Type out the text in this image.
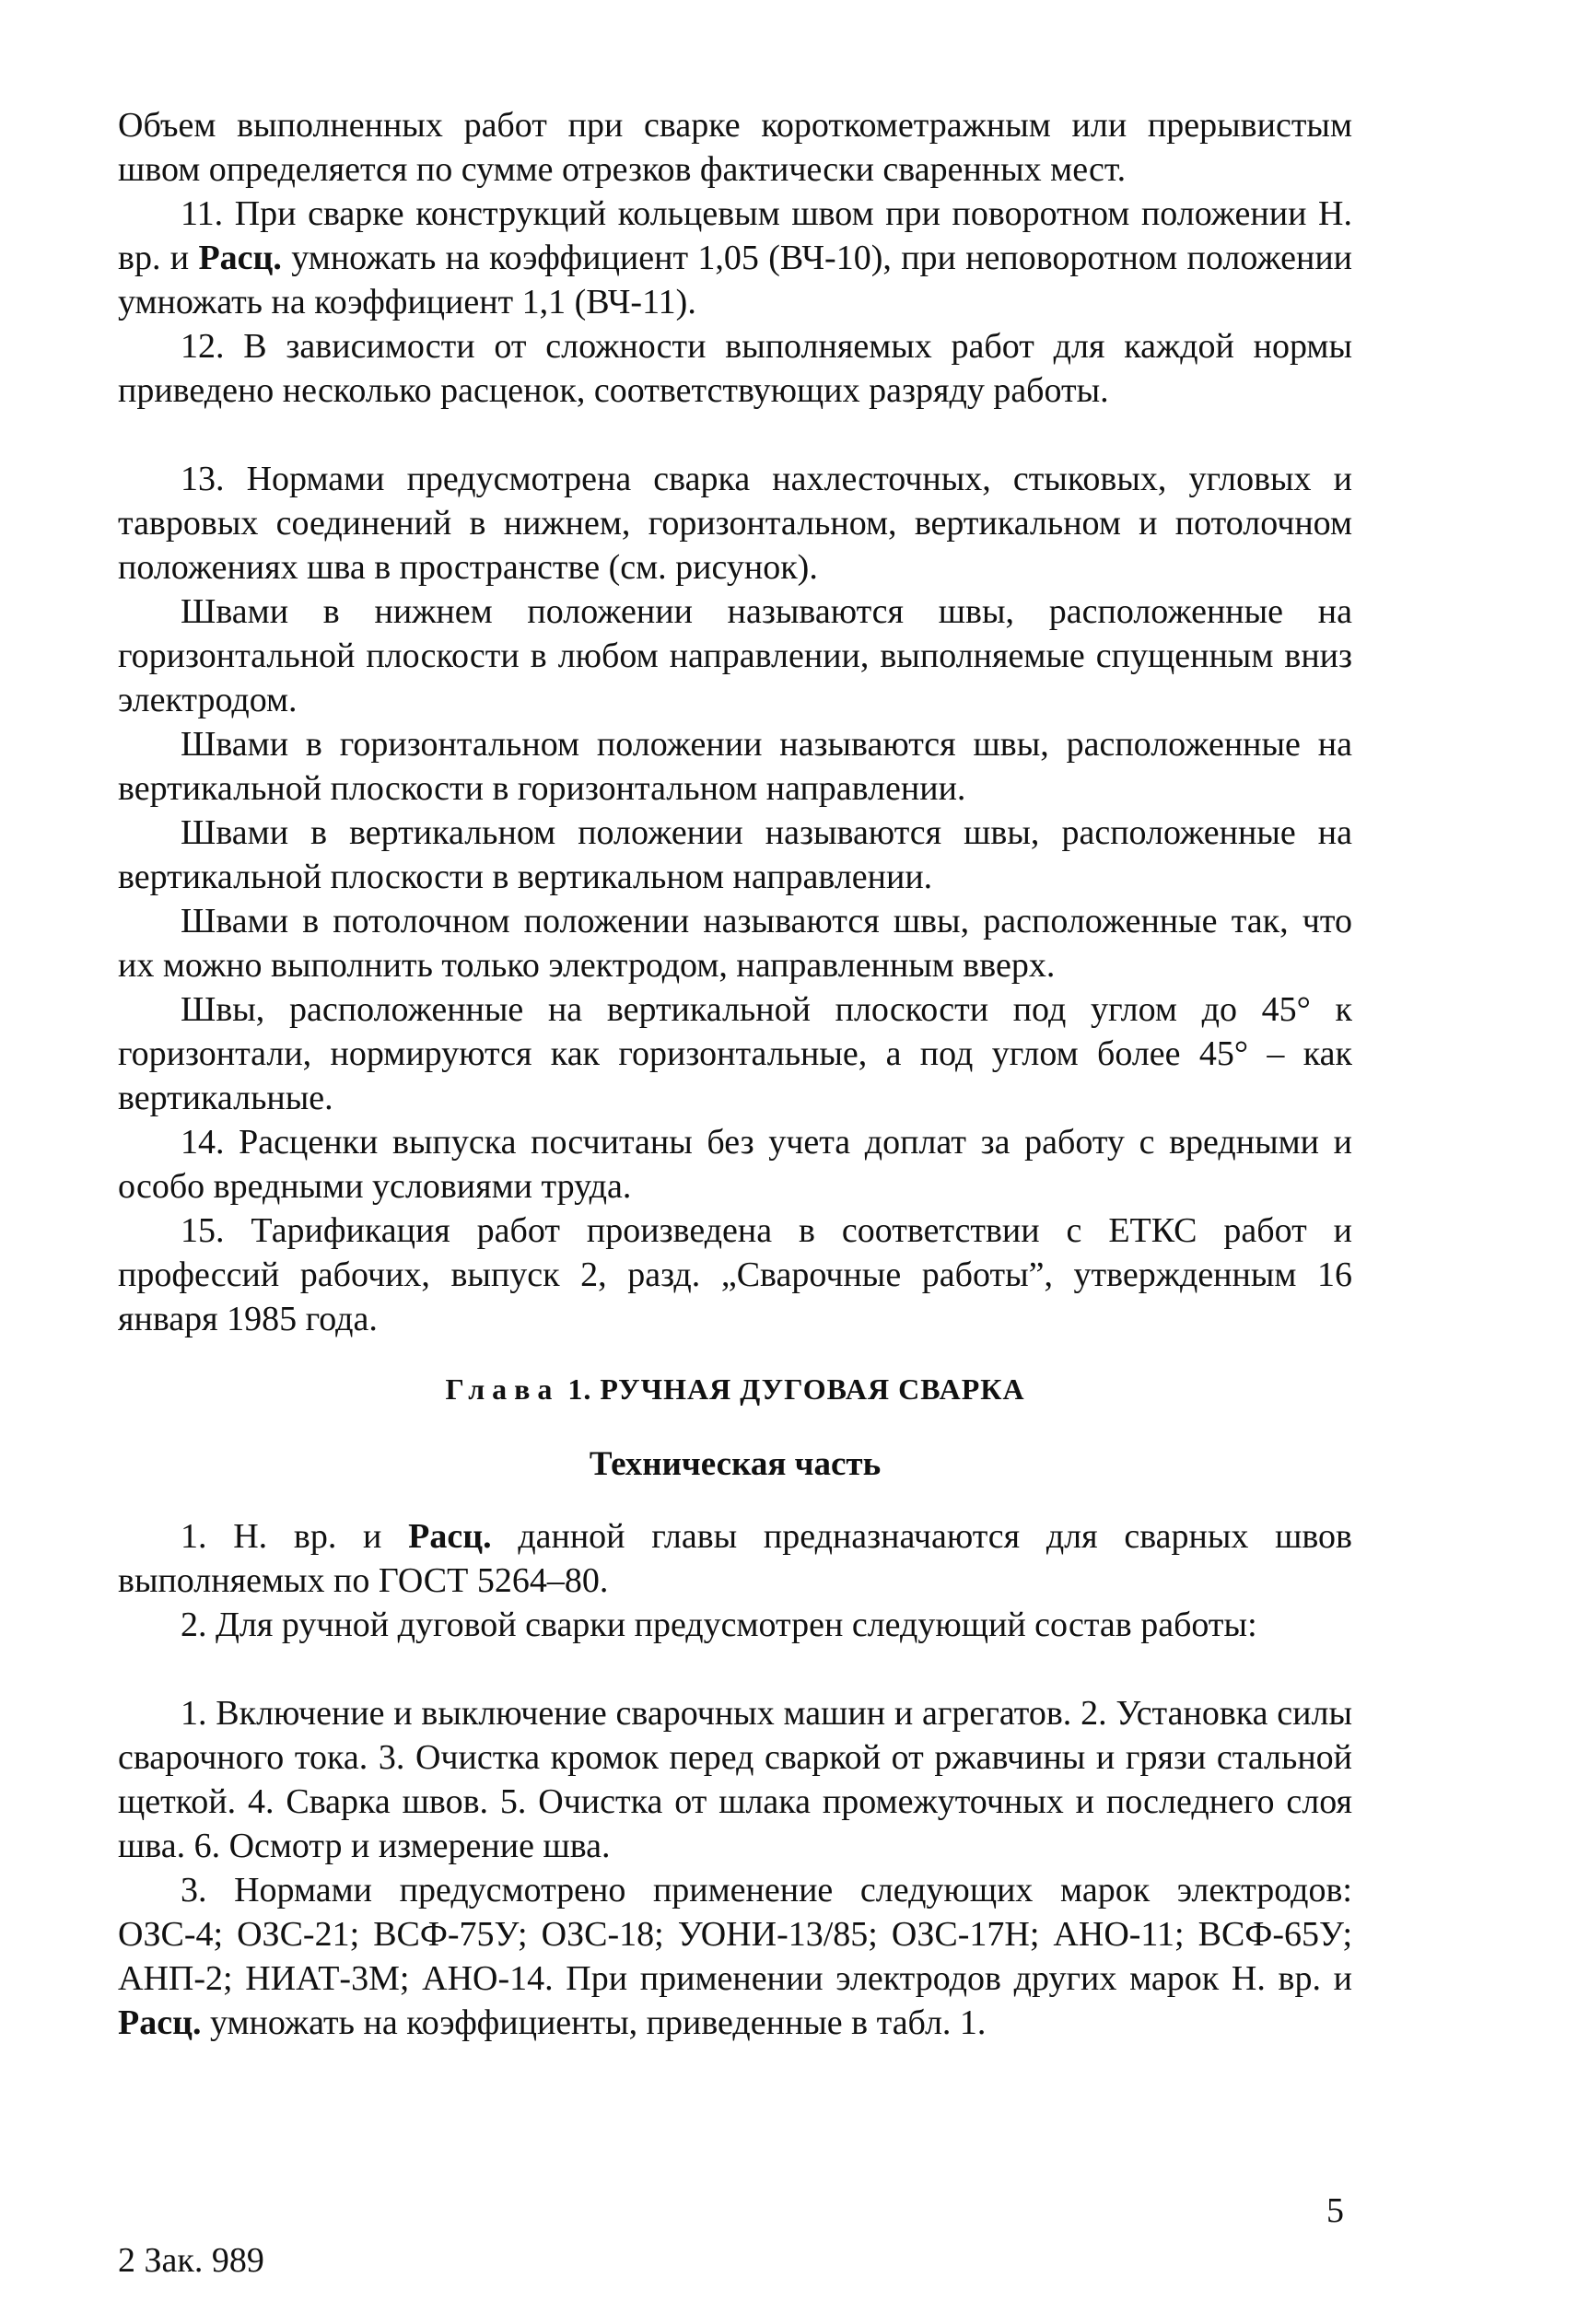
Объем выполненных работ при сварке короткометражным или прерывистым швом определяется по сумме отрезков фактически сваренных мест.

11. При сварке конструкций кольцевым швом при поворотном положении Н. вр. и Расц. умножать на коэффициент 1,05 (ВЧ-10), при неповоротном положении умножать на коэффициент 1,1 (ВЧ-11).

12. В зависимости от сложности выполняемых работ для каждой нормы приведено несколько расценок, соответствующих разряду работы.

13. Нормами предусмотрена сварка нахлесточных, стыковых, угловых и тавровых соединений в нижнем, горизонтальном, вертикальном и потолочном положениях шва в пространстве (см. рисунок).

Швами в нижнем положении называются швы, расположенные на горизонтальной плоскости в любом направлении, выполняемые спущенным вниз электродом.

Швами в горизонтальном положении называются швы, расположенные на вертикальной плоскости в горизонтальном направлении.

Швами в вертикальном положении называются швы, расположенные на вертикальной плоскости в вертикальном направлении.

Швами в потолочном положении называются швы, расположенные так, что их можно выполнить только электродом, направленным вверх.

Швы, расположенные на вертикальной плоскости под углом до 45° к горизонтали, нормируются как горизонтальные, а под углом более 45° – как вертикальные.

14. Расценки выпуска посчитаны без учета доплат за работу с вредными и особо вредными условиями труда.

15. Тарификация работ произведена в соответствии с ЕТКС работ и профессий рабочих, выпуск 2, разд. „Сварочные работы”, утвержденным 16 января 1985 года.

Глава 1. РУЧНАЯ ДУГОВАЯ СВАРКА

Техническая часть

1. Н. вр. и Расц. данной главы предназначаются для сварных швов выполняемых по ГОСТ 5264–80.

2. Для ручной дуговой сварки предусмотрен следующий состав работы:

1. Включение и выключение сварочных машин и агрегатов. 2. Установка силы сварочного тока. 3. Очистка кромок перед сваркой от ржавчины и грязи стальной щеткой. 4. Сварка швов. 5. Очистка от шлака промежуточных и последнего слоя шва. 6. Осмотр и измерение шва.

3. Нормами предусмотрено применение следующих марок электродов: ОЗС-4; ОЗС-21; ВСФ-75У; ОЗС-18; УОНИ-13/85; ОЗС-17Н; АНО-11; ВСФ-65У; АНП-2; НИАТ-3М; АНО-14. При применении электродов других марок Н. вр. и Расц. умножать на коэффициенты, приведенные в табл. 1.

5
2 Зак. 989
